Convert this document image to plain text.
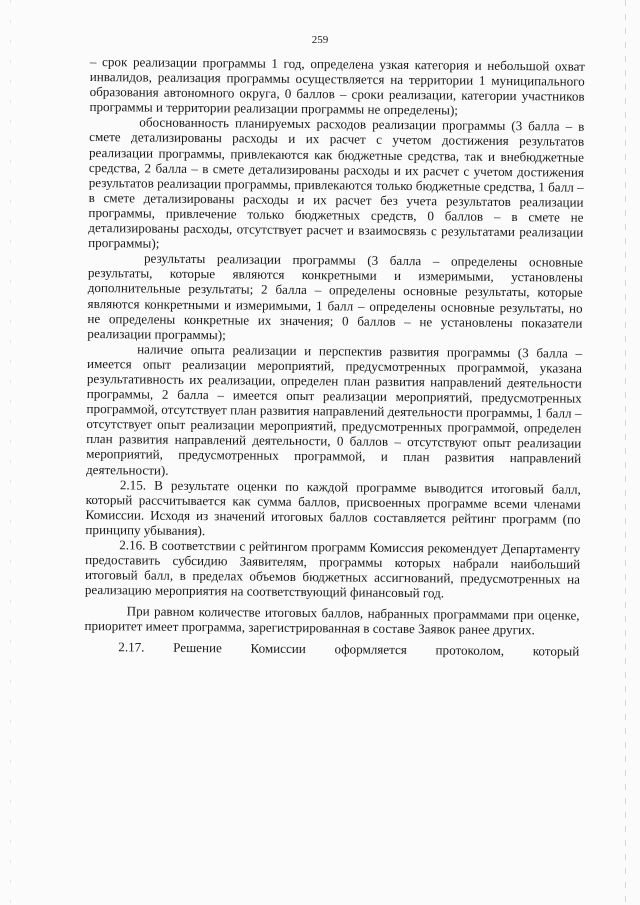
259

– срок реализации программы 1 год, определена узкая категория и небольшой охват инвалидов, реализация программы осуществляется на территории 1 муниципального образования автономного округа, 0 баллов – сроки реализации, категории участников программы и территории реализации программы не определены);

обоснованность планируемых расходов реализации программы (3 балла – в смете детализированы расходы и их расчет с учетом достижения результатов реализации программы, привлекаются как бюджетные средства, так и внебюджетные средства, 2 балла – в смете детализированы расходы и их расчет с учетом достижения результатов реализации программы, привлекаются только бюджетные средства, 1 балл – в смете детализированы расходы и их расчет без учета результатов реализации программы, привлечение только бюджетных средств, 0 баллов – в смете не детализированы расходы, отсутствует расчет и взаимосвязь с результатами реализации программы);

результаты реализации программы (3 балла – определены основные результаты, которые являются конкретными и измеримыми, установлены дополнительные результаты; 2 балла – определены основные результаты, которые являются конкретными и измеримыми, 1 балл – определены основные результаты, но не определены конкретные их значения; 0 баллов – не установлены показатели реализации программы);

наличие опыта реализации и перспектив развития программы (3 балла – имеется опыт реализации мероприятий, предусмотренных программой, указана результативность их реализации, определен план развития направлений деятельности программы, 2 балла – имеется опыт реализации мероприятий, предусмотренных программой, отсутствует план развития направлений деятельности программы, 1 балл – отсутствует опыт реализации мероприятий, предусмотренных программой, определен план развития направлений деятельности, 0 баллов – отсутствуют опыт реализации мероприятий, предусмотренных программой, и план развития направлений деятельности).

2.15. В результате оценки по каждой программе выводится итоговый балл, который рассчитывается как сумма баллов, присвоенных программе всеми членами Комиссии. Исходя из значений итоговых баллов составляется рейтинг программ (по принципу убывания).

2.16. В соответствии с рейтингом программ Комиссия рекомендует Департаменту предоставить субсидию Заявителям, программы которых набрали наибольший итоговый балл, в пределах объемов бюджетных ассигнований, предусмотренных на реализацию мероприятия на соответствующий финансовый год.

При равном количестве итоговых баллов, набранных программами при оценке, приоритет имеет программа, зарегистрированная в составе Заявок ранее других.

2.17. Решение Комиссии оформляется протоколом, который
